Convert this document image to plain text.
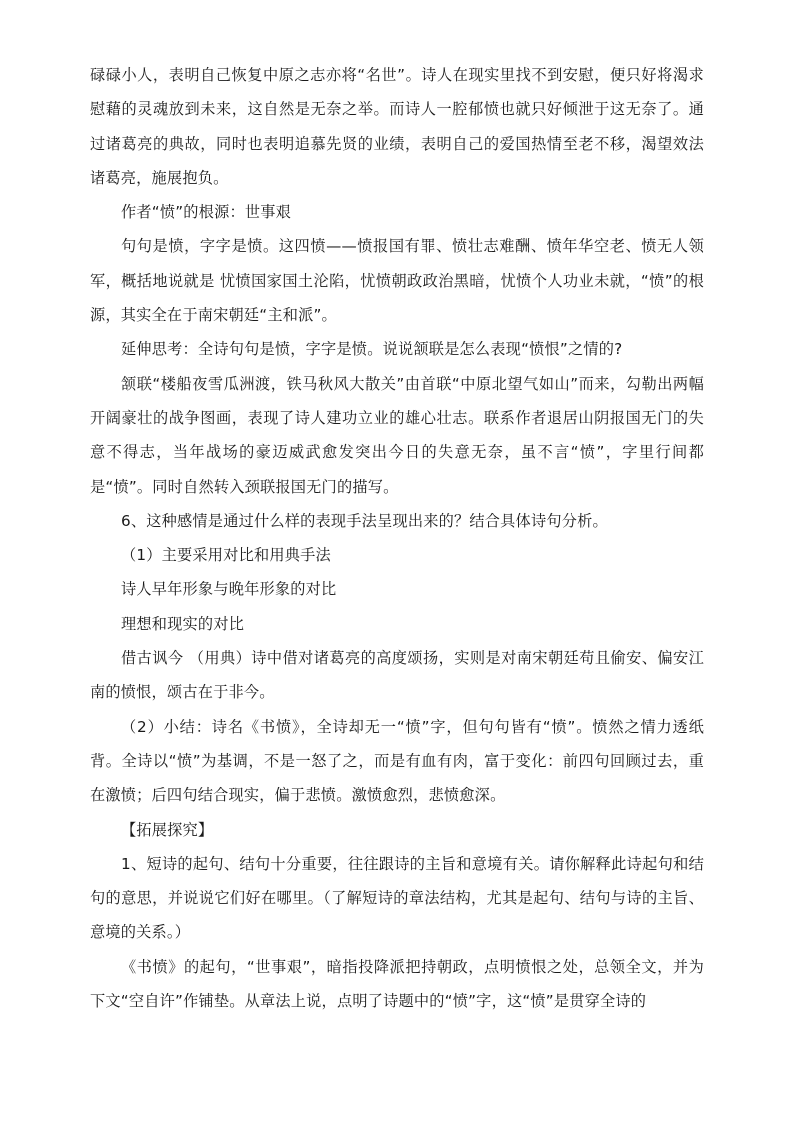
碌碌小人，表明自己恢复中原之志亦将“名世”。诗人在现实里找不到安慰，便只好将渴求慰藉的灵魂放到未来，这自然是无奈之举。而诗人一腔郁愤也就只好倾泄于这无奈了。通过诸葛亮的典故，同时也表明追慕先贤的业绩，表明自己的爱国热情至老不移，渴望效法诸葛亮，施展抱负。

作者“愤”的根源：世事艰

句句是愤，字字是愤。这四愤——愤报国有罪、愤壮志难酬、愤年华空老、愤无人领军，概括地说就是 忧愤国家国土沦陷，忧愤朝政政治黑暗，忧愤个人功业未就，“愤”的根源，其实全在于南宋朝廷“主和派”。

延伸思考：全诗句句是愤，字字是愤。说说颔联是怎么表现“愤恨”之情的?

颔联“楼船夜雪瓜洲渡，铁马秋风大散关”由首联“中原北望气如山”而来，勾勒出两幅开阔豪壮的战争图画，表现了诗人建功立业的雄心壮志。联系作者退居山阴报国无门的失意不得志，当年战场的豪迈威武愈发突出今日的失意无奈，虽不言“愤”，字里行间都是“愤”。同时自然转入颈联报国无门的描写。

6、这种感情是通过什么样的表现手法呈现出来的？结合具体诗句分析。

（1）主要采用对比和用典手法

诗人早年形象与晚年形象的对比

理想和现实的对比

借古讽今 （用典）诗中借对诸葛亮的高度颂扬，实则是对南宋朝廷苟且偷安、偏安江南的愤恨，颂古在于非今。

（2）小结：诗名《书愤》，全诗却无一“愤”字，但句句皆有“愤”。愤然之情力透纸背。全诗以“愤”为基调，不是一怒了之，而是有血有肉，富于变化：前四句回顾过去，重在激愤；后四句结合现实，偏于悲愤。激愤愈烈，悲愤愈深。

【拓展探究】

1、短诗的起句、结句十分重要，往往跟诗的主旨和意境有关。请你解释此诗起句和结句的意思，并说说它们好在哪里。（了解短诗的章法结构，尤其是起句、结句与诗的主旨、意境的关系。）

《书愤》的起句，“世事艰”，暗指投降派把持朝政，点明愤恨之处，总领全文，并为下文“空自许”作铺垫。从章法上说，点明了诗题中的“愤”字，这“愤”是贯穿全诗的
